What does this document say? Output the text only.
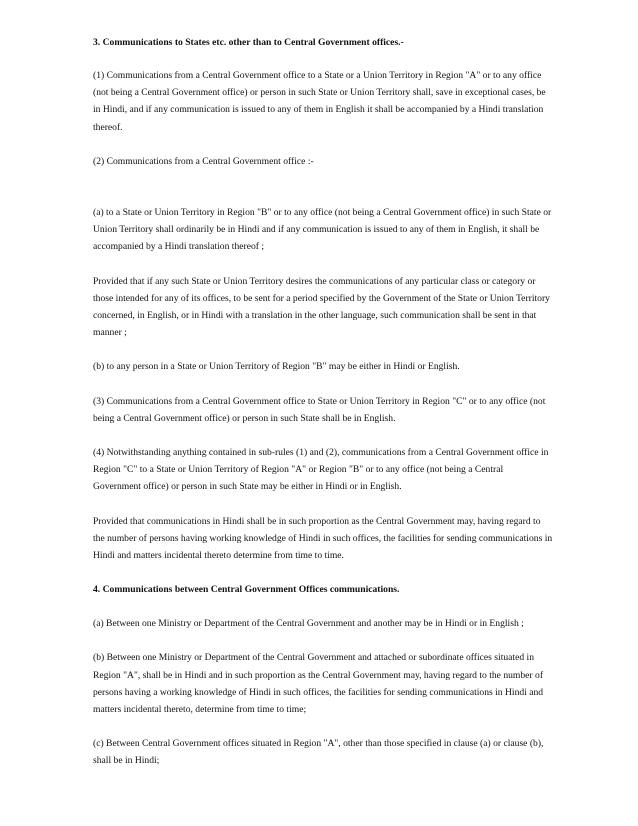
3. Communications to States etc. other than to Central Government offices.-

(1) Communications from a Central Government office to a State or a Union Territory in Region "A" or to any office (not being a Central Government office) or person in such State or Union Territory shall, save in exceptional cases, be in Hindi, and if any communication is issued to any of them in English it shall be accompanied by a Hindi translation thereof.

(2) Communications from a Central Government office :-

(a) to a State or Union Territory in Region "B" or to any office (not being a Central Government office) in such State or Union Territory shall ordinarily be in Hindi and if any communication is issued to any of them in English, it shall be accompanied by a Hindi translation thereof ;

Provided that if any such State or Union Territory desires the communications of any particular class or category or those intended for any of its offices, to be sent for a period specified by the Government of the State or Union Territory concerned, in English, or in Hindi with a translation in the other language, such communication shall be sent in that manner ;

(b) to any person in a State or Union Territory of Region "B" may be either in Hindi or English.

(3) Communications from a Central Government office to State or Union Territory in Region "C" or to any office (not being a Central Government office) or person in such State shall be in English.

(4) Notwithstanding anything contained in sub-rules (1) and (2), communications from a Central Government office in Region "C" to a State or Union Territory of Region "A" or Region "B" or to any office (not being a Central Government office) or person in such State may be either in Hindi or in English.

Provided that communications in Hindi shall be in such proportion as the Central Government may, having regard to the number of persons having working knowledge of Hindi in such offices, the facilities for sending communications in Hindi and matters incidental thereto determine from time to time.

4. Communications between Central Government Offices communications.

(a) Between one Ministry or Department of the Central Government and another may be in Hindi or in English ;

(b) Between one Ministry or Department of the Central Government and attached or subordinate offices situated in Region "A", shall be in Hindi and in such proportion as the Central Government may, having regard to the number of persons having a working knowledge of Hindi in such offices, the facilities for sending communications in Hindi and matters incidental thereto, determine from time to time;

(c) Between Central Government offices situated in Region "A", other than those specified in clause (a) or clause (b), shall be in Hindi;
